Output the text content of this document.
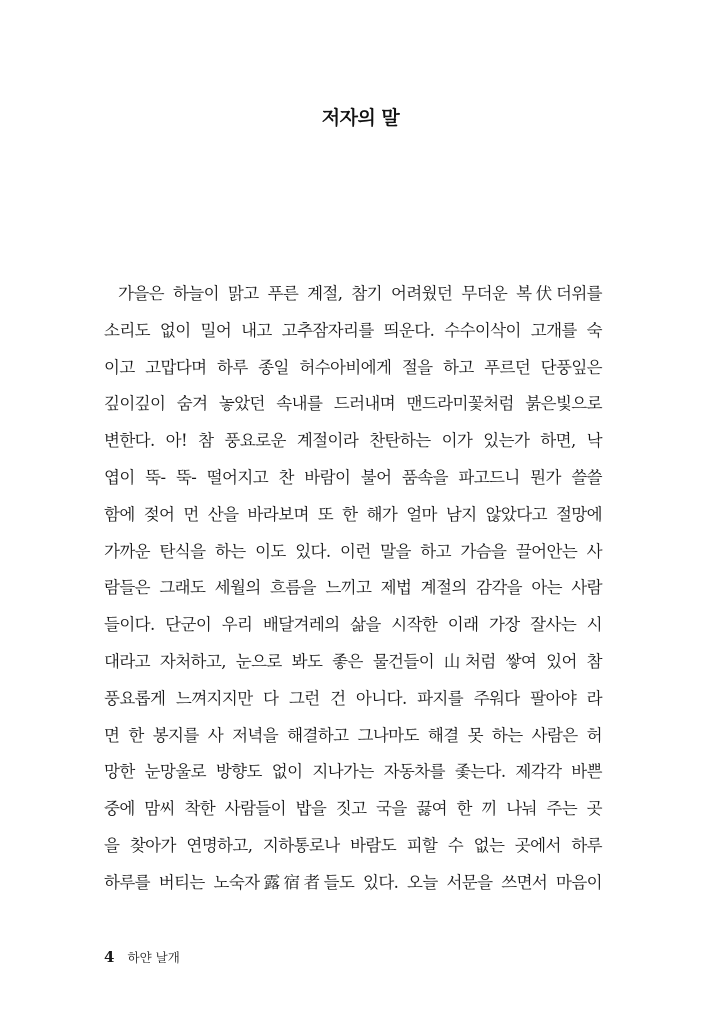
저자의 말
가을은 하늘이 맑고 푸른 계절, 참기 어려웠던 무더운 복伏더위를
소리도 없이 밀어 내고 고추잠자리를 띄운다. 수수이삭이 고개를 숙
이고 고맙다며 하루 종일 허수아비에게 절을 하고 푸르던 단풍잎은
깊이깊이 숨겨 놓았던 속내를 드러내며 맨드라미꽃처럼 붉은빛으로
변한다. 아! 참 풍요로운 계절이라 찬탄하는 이가 있는가 하면, 낙
엽이 뚝- 뚝- 떨어지고 찬 바람이 불어 품속을 파고드니 뭔가 쓸쓸
함에 젖어 먼 산을 바라보며 또 한 해가 얼마 남지 않았다고 절망에
가까운 탄식을 하는 이도 있다. 이런 말을 하고 가슴을 끌어안는 사
람들은 그래도 세월의 흐름을 느끼고 제법 계절의 감각을 아는 사람
들이다. 단군이 우리 배달겨레의 삶을 시작한 이래 가장 잘사는 시
대라고 자처하고, 눈으로 봐도 좋은 물건들이 山처럼 쌓여 있어 참
풍요롭게 느껴지지만 다 그런 건 아니다. 파지를 주워다 팔아야 라
면 한 봉지를 사 저녁을 해결하고 그나마도 해결 못 하는 사람은 허
망한 눈망울로 방향도 없이 지나가는 자동차를 좇는다. 제각각 바쁜
중에 맘씨 착한 사람들이 밥을 짓고 국을 끓여 한 끼 나눠 주는 곳
을 찾아가 연명하고, 지하통로나 바람도 피할 수 없는 곳에서 하루
하루를 버티는 노숙자露宿者들도 있다. 오늘 서문을 쓰면서 마음이
4 하얀 날개
